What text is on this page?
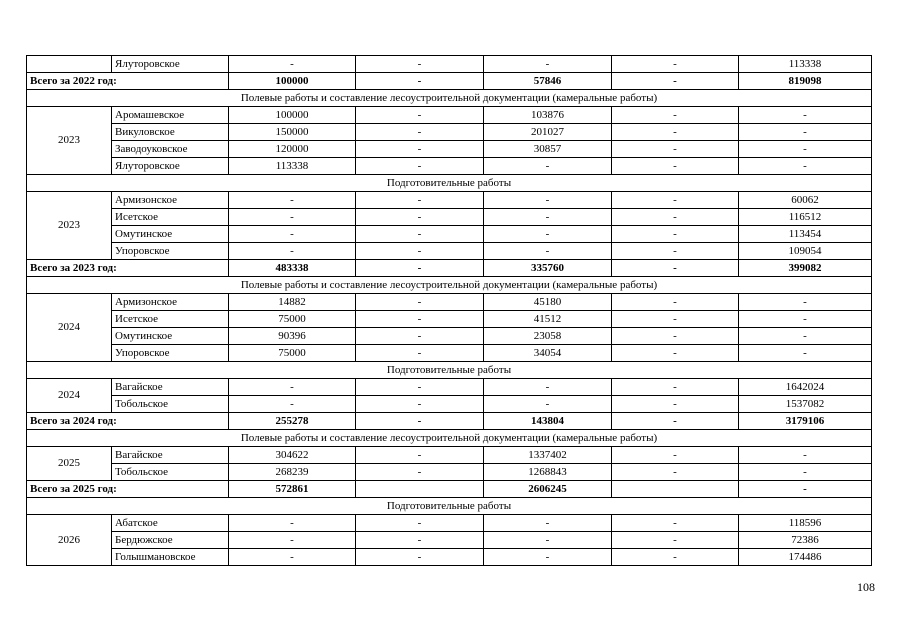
	Ялуторовское	-	-	-	-	113338
Всего за 2022 год:		100000	-	57846	-	819098
Полевые работы и составление лесоустроительной документации (камеральные работы)						
2023	Аромашевское	100000	-	103876	-	-
	Викуловское	150000	-	201027	-	-
	Заводоуковское	120000	-	30857	-	-
	Ялуторовское	113338	-	-	-	-
Подготовительные работы						
2023	Армизонское	-	-	-	-	60062
	Исетское	-	-	-	-	116512
	Омутинское	-	-	-	-	113454
	Упоровское	-	-	-	-	109054
Всего за 2023 год:		483338	-	335760	-	399082
Полевые работы и составление лесоустроительной документации (камеральные работы)						
2024	Армизонское	14882	-	45180	-	-
	Исетское	75000	-	41512	-	-
	Омутинское	90396	-	23058	-	-
	Упоровское	75000	-	34054	-	-
Подготовительные работы						
2024	Вагайское	-	-	-	-	1642024
	Тобольское	-	-	-	-	1537082
Всего за 2024 год:		255278	-	143804	-	3179106
Полевые работы и составление лесоустроительной документации (камеральные работы)						
2025	Вагайское	304622	-	1337402	-	-
	Тобольское	268239	-	1268843	-	-
Всего за 2025 год:		572861		2606245		-
Подготовительные работы						
2026	Абатское	-	-	-	-	118596
	Бердюжское	-	-	-	-	72386
	Голышмановское	-	-	-	-	174486
108
